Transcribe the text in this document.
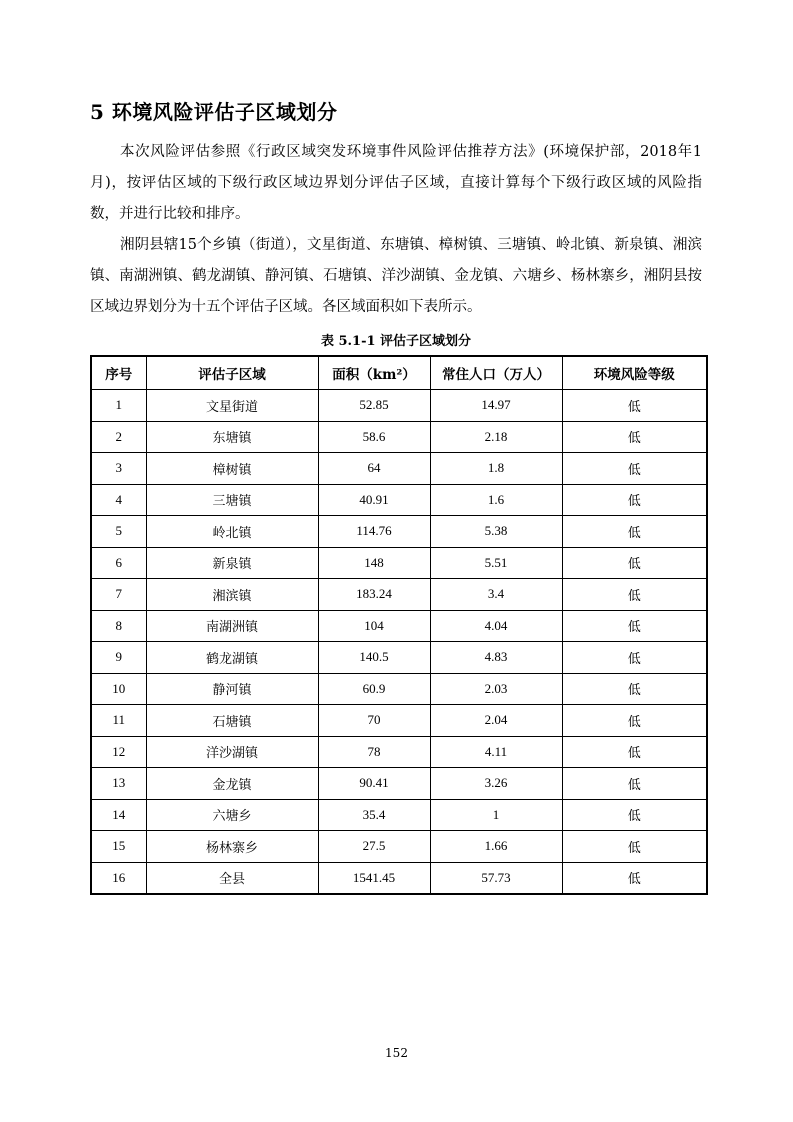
5 环境风险评估子区域划分

本次风险评估参照《行政区域突发环境事件风险评估推荐方法》(环境保护部，2018年1月)，按评估区域的下级行政区域边界划分评估子区域，直接计算每个下级行政区域的风险指数，并进行比较和排序。

湘阴县辖15个乡镇（街道），文星街道、东塘镇、樟树镇、三塘镇、岭北镇、新泉镇、湘滨镇、南湖洲镇、鹤龙湖镇、静河镇、石塘镇、洋沙湖镇、金龙镇、六塘乡、杨林寨乡，湘阴县按区域边界划分为十五个评估子区域。各区域面积如下表所示。

表 5.1-1 评估子区域划分

序号	评估子区域	面积（km²）	常住人口（万人）	环境风险等级
1	文星街道	52.85	14.97	低
2	东塘镇	58.6	2.18	低
3	樟树镇	64	1.8	低
4	三塘镇	40.91	1.6	低
5	岭北镇	114.76	5.38	低
6	新泉镇	148	5.51	低
7	湘滨镇	183.24	3.4	低
8	南湖洲镇	104	4.04	低
9	鹤龙湖镇	140.5	4.83	低
10	静河镇	60.9	2.03	低
11	石塘镇	70	2.04	低
12	洋沙湖镇	78	4.11	低
13	金龙镇	90.41	3.26	低
14	六塘乡	35.4	1	低
15	杨林寨乡	27.5	1.66	低
16	全县	1541.45	57.73	低

152
